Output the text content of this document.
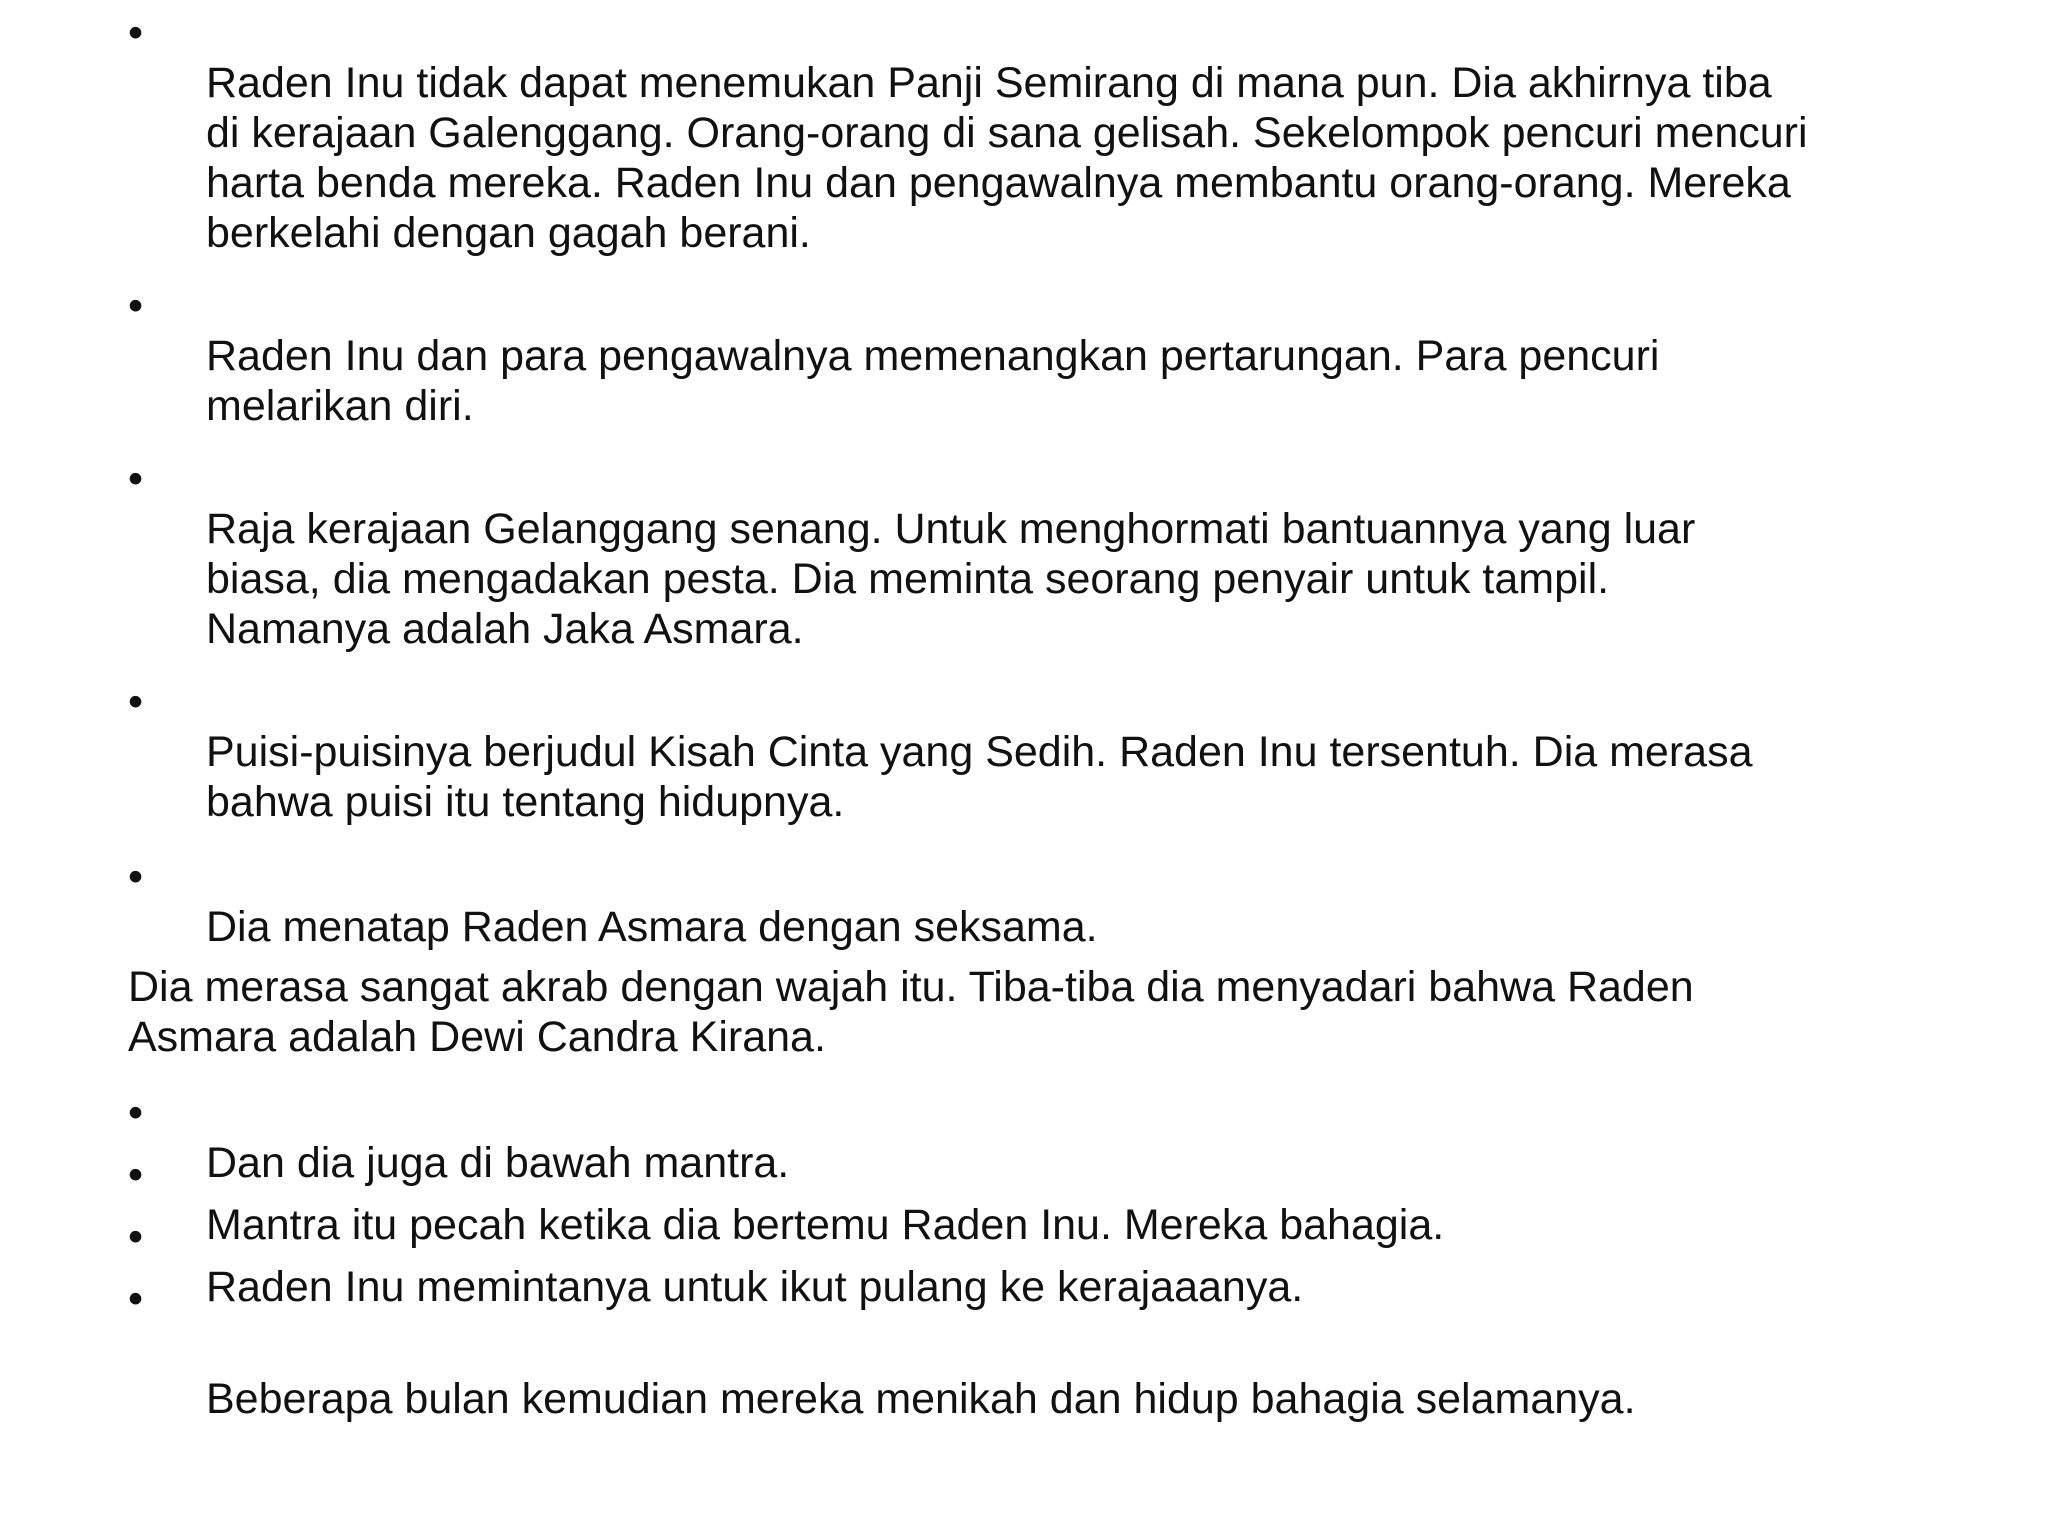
• Raden Inu tidak dapat menemukan Panji Semirang di mana pun. Dia akhirnya tiba
di kerajaan Galenggang. Orang-orang di sana gelisah. Sekelompok pencuri mencuri
harta benda mereka. Raden Inu dan pengawalnya membantu orang-orang. Mereka
berkelahi dengan gagah berani.

• Raden Inu dan para pengawalnya memenangkan pertarungan. Para pencuri
melarikan diri.

• Raja kerajaan Gelanggang senang. Untuk menghormati bantuannya yang luar
biasa, dia mengadakan pesta. Dia meminta seorang penyair untuk tampil.
Namanya adalah Jaka Asmara.

• Puisi-puisinya berjudul Kisah Cinta yang Sedih. Raden Inu tersentuh. Dia merasa
bahwa puisi itu tentang hidupnya.

• Dia menatap Raden Asmara dengan seksama.

Dia merasa sangat akrab dengan wajah itu. Tiba-tiba dia menyadari bahwa Raden
Asmara adalah Dewi Candra Kirana.

• Dan dia juga di bawah mantra.

• Mantra itu pecah ketika dia bertemu Raden Inu. Mereka bahagia.

• Raden Inu memintanya untuk ikut pulang ke kerajaaanya.

•
Beberapa bulan kemudian mereka menikah dan hidup bahagia selamanya.
